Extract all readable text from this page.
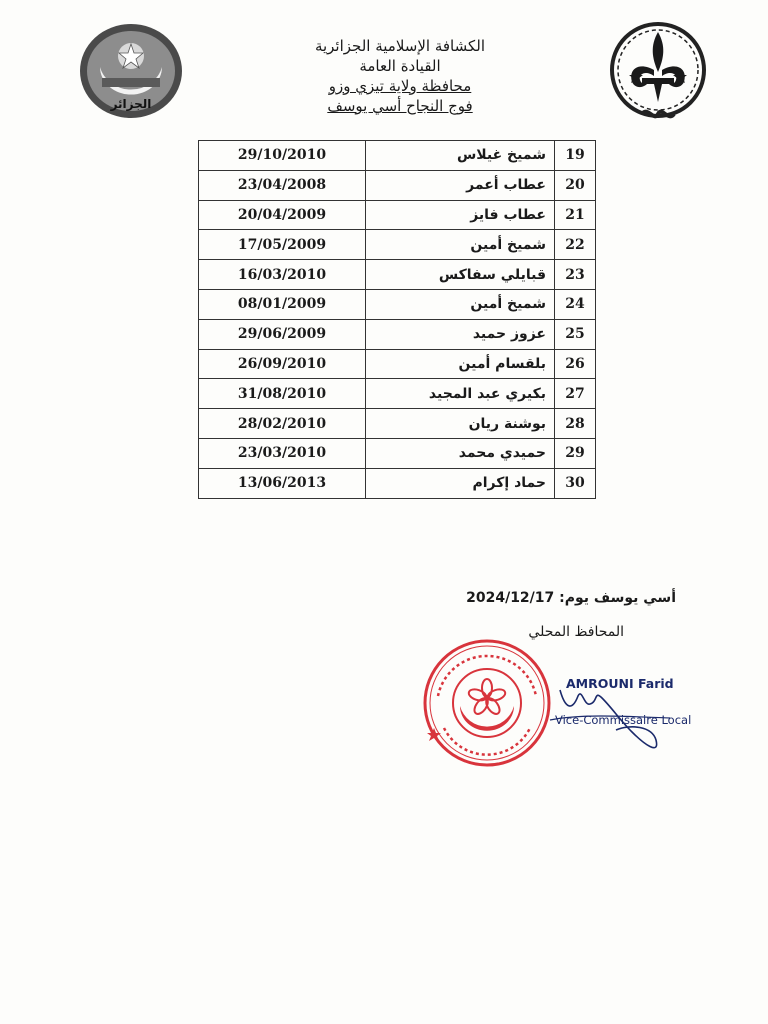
الجزائر
الكشافة الإسلامية الجزائرية
القيادة العامة
محافظة ولاية تيزي وزو
فوج النجاح أسي يوسف
19	شميخ غيلاس	29/10/2010
20	عطاب أعمر	23/04/2008
21	عطاب فايز	20/04/2009
22	شميخ أمين	17/05/2009
23	قبايلي سفاكس	16/03/2010
24	شميخ أمين	08/01/2009
25	عزوز حميد	29/06/2009
26	بلقسام أمين	26/09/2010
27	بكيري عبد المجيد	31/08/2010
28	بوشنة ريان	28/02/2010
29	حميدي محمد	23/03/2010
30	حماد إكرام	13/06/2013
أسي يوسف يوم: 2024/12/17
المحافظ المحلي
AMROUNI Farid
Vice-Commissaire Local
